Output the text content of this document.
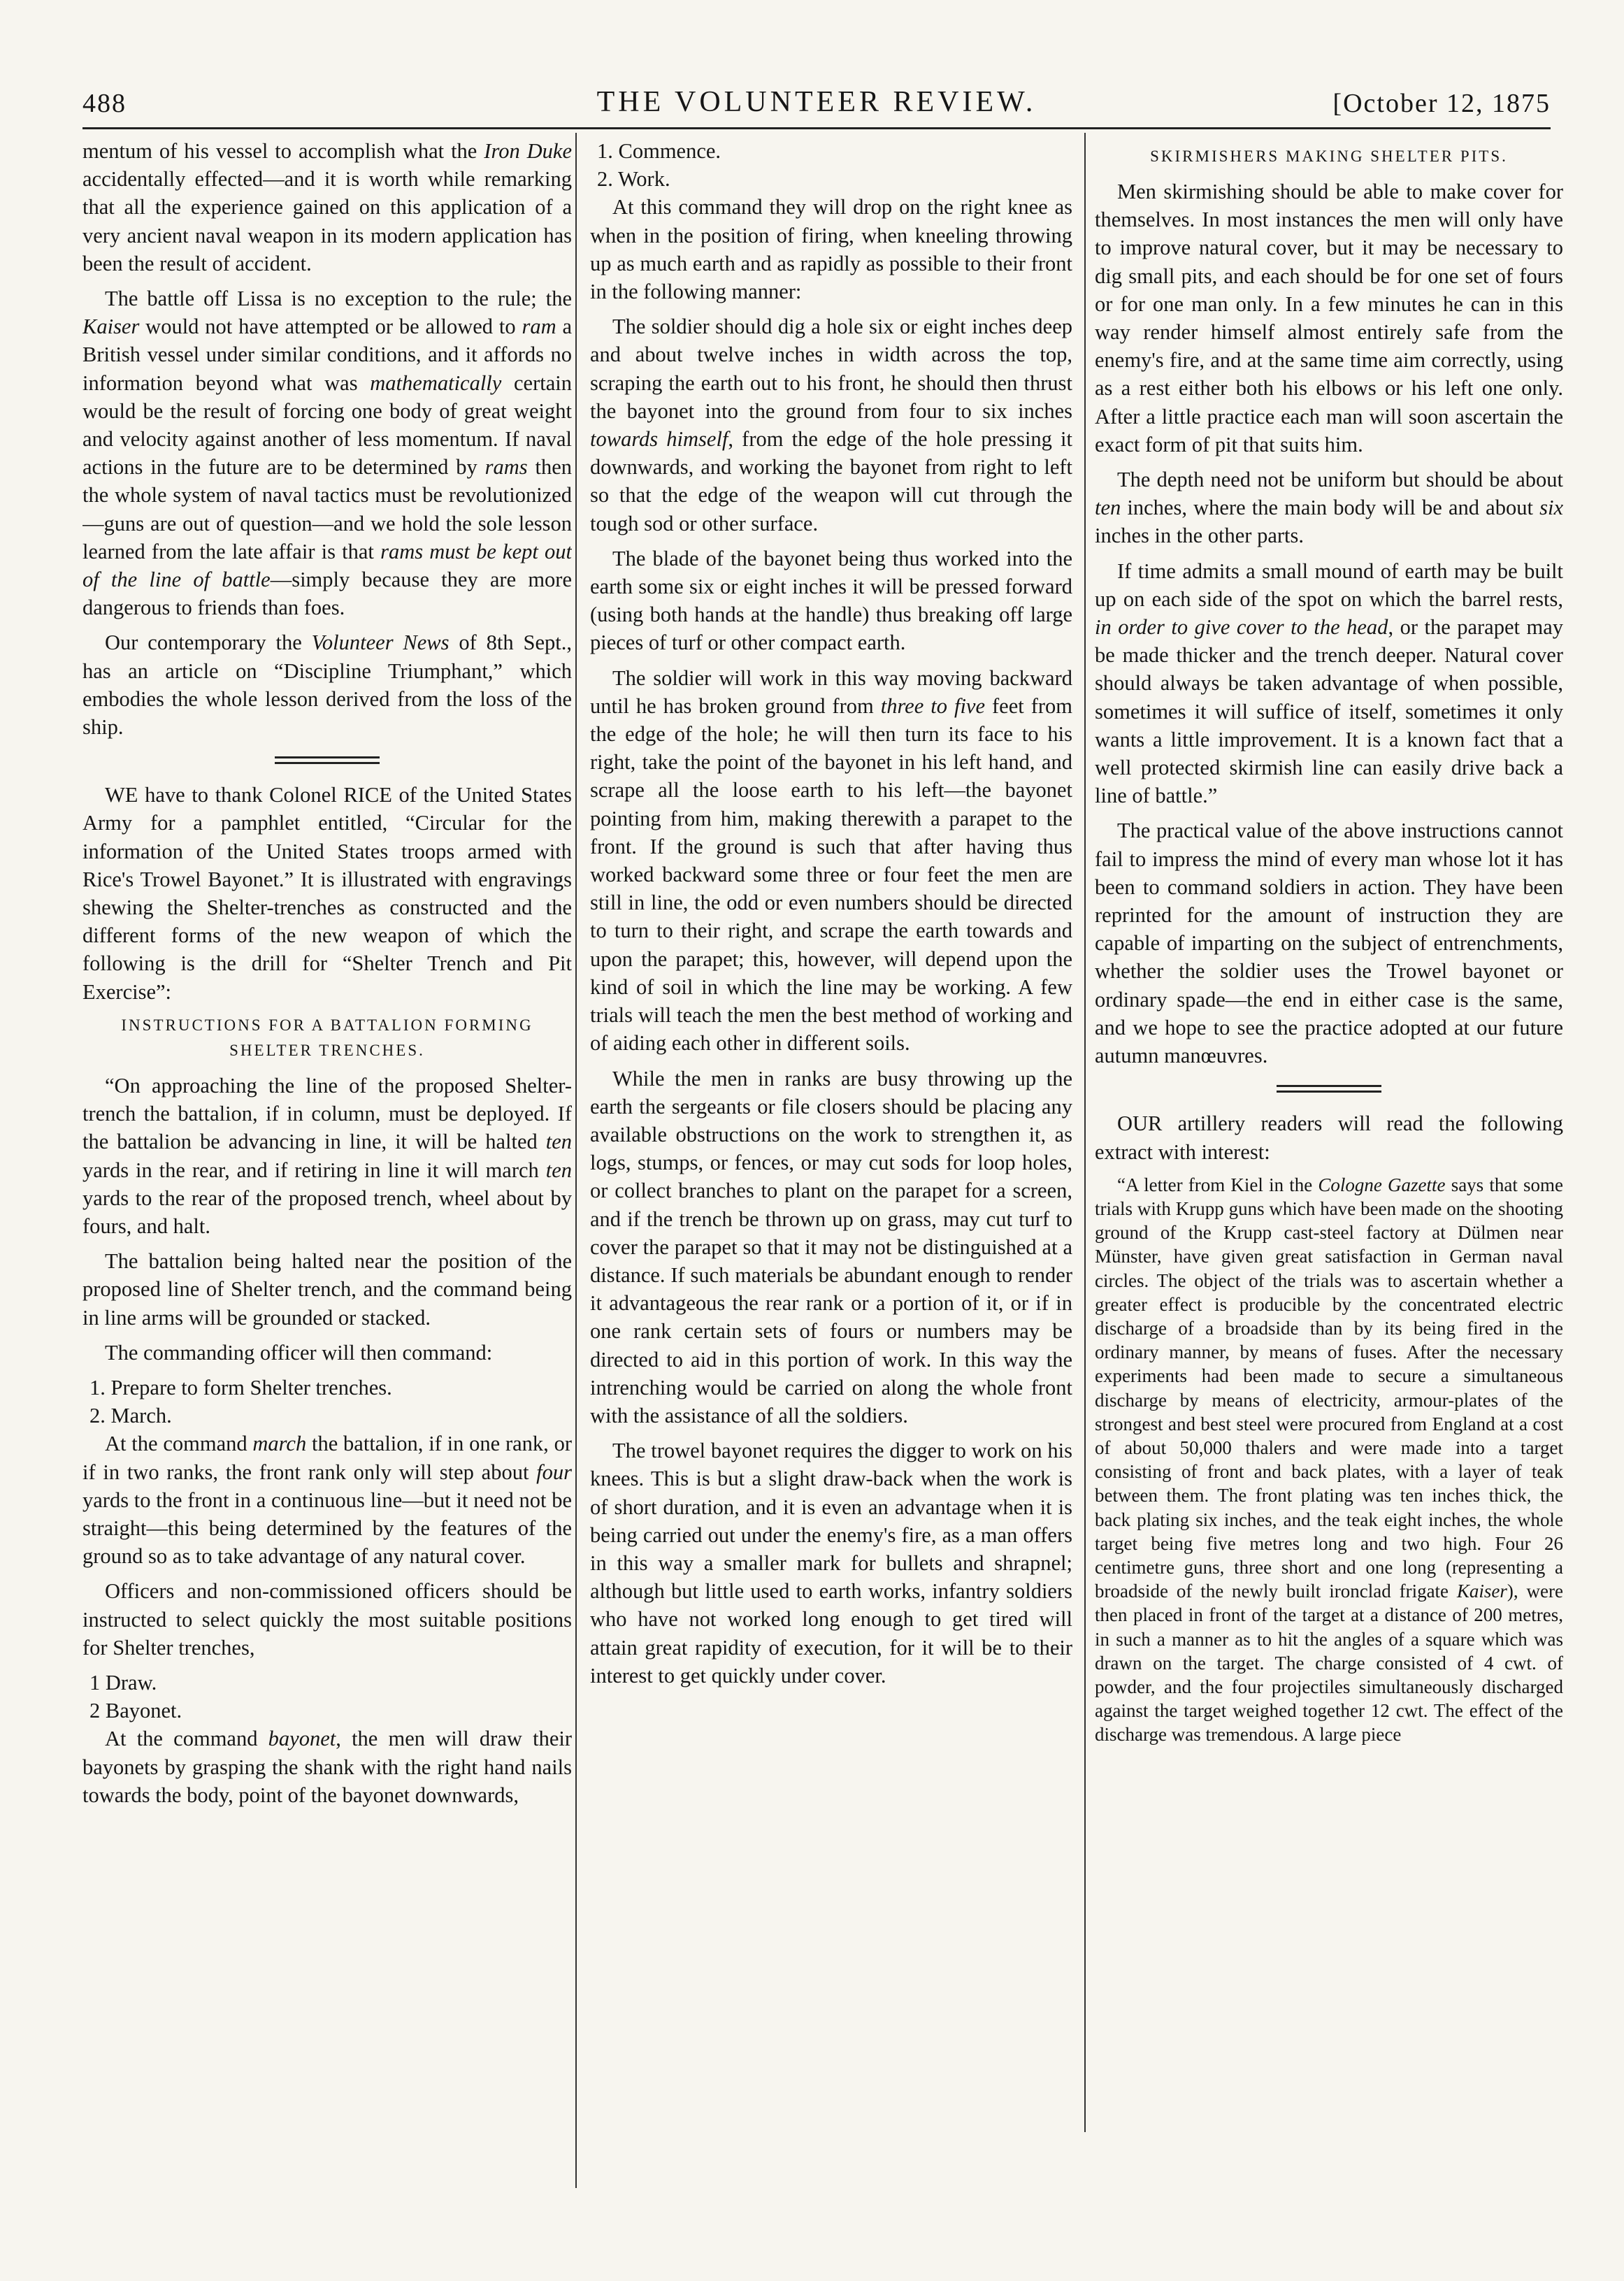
488	THE VOLUNTEER REVIEW.	[October 12, 1875

mentum of his vessel to accomplish what the Iron Duke accidentally effected—and it is worth while remarking that all the experience gained on this application of a very ancient naval weapon in its modern application has been the result of accident.

The battle off Lissa is no exception to the rule; the Kaiser would not have attempted or be allowed to ram a British vessel under similar conditions, and it affords no information beyond what was mathematically certain would be the result of forcing one body of great weight and velocity against another of less momentum. If naval actions in the future are to be determined by rams then the whole system of naval tactics must be revolutionized—guns are out of question—and we hold the sole lesson learned from the late affair is that rams must be kept out of the line of battle—simply because they are more dangerous to friends than foes.

Our contemporary the Volunteer News of 8th Sept., has an article on “Discipline Triumphant,” which embodies the whole lesson derived from the loss of the ship.

WE have to thank Colonel RICE of the United States Army for a pamphlet entitled, “Circular for the information of the United States troops armed with Rice's Trowel Bayonet.” It is illustrated with engravings shewing the Shelter-trenches as constructed and the different forms of the new weapon of which the following is the drill for “Shelter Trench and Pit Exercise”:

INSTRUCTIONS FOR A BATTALION FORMING SHELTER TRENCHES.

“On approaching the line of the proposed Shelter-trench the battalion, if in column, must be deployed. If the battalion be advancing in line, it will be halted ten yards in the rear, and if retiring in line it will march ten yards to the rear of the proposed trench, wheel about by fours, and halt.

The battalion being halted near the position of the proposed line of Shelter trench, and the command being in line arms will be grounded or stacked.

The commanding officer will then command:

1. Prepare to form Shelter trenches.

2. March.

At the command march the battalion, if in one rank, or if in two ranks, the front rank only will step about four yards to the front in a continuous line—but it need not be straight—this being determined by the features of the ground so as to take advantage of any natural cover.

Officers and non-commissioned officers should be instructed to select quickly the most suitable positions for Shelter trenches,

1 Draw.

2 Bayonet.

At the command bayonet, the men will draw their bayonets by grasping the shank with the right hand nails towards the body, point of the bayonet downwards,

1. Commence.

2. Work.

At this command they will drop on the right knee as when in the position of firing, when kneeling throwing up as much earth and as rapidly as possible to their front in the following manner:

The soldier should dig a hole six or eight inches deep and about twelve inches in width across the top, scraping the earth out to his front, he should then thrust the bayonet into the ground from four to six inches towards himself, from the edge of the hole pressing it downwards, and working the bayonet from right to left so that the edge of the weapon will cut through the tough sod or other surface.

The blade of the bayonet being thus worked into the earth some six or eight inches it will be pressed forward (using both hands at the handle) thus breaking off large pieces of turf or other compact earth.

The soldier will work in this way moving backward until he has broken ground from three to five feet from the edge of the hole; he will then turn its face to his right, take the point of the bayonet in his left hand, and scrape all the loose earth to his left—the bayonet pointing from him, making therewith a parapet to the front. If the ground is such that after having thus worked backward some three or four feet the men are still in line, the odd or even numbers should be directed to turn to their right, and scrape the earth towards and upon the parapet; this, however, will depend upon the kind of soil in which the line may be working. A few trials will teach the men the best method of working and of aiding each other in different soils.

While the men in ranks are busy throwing up the earth the sergeants or file closers should be placing any available obstructions on the work to strengthen it, as logs, stumps, or fences, or may cut sods for loop holes, or collect branches to plant on the parapet for a screen, and if the trench be thrown up on grass, may cut turf to cover the parapet so that it may not be distinguished at a distance. If such materials be abundant enough to render it advantageous the rear rank or a portion of it, or if in one rank certain sets of fours or numbers may be directed to aid in this portion of work. In this way the intrenching would be carried on along the whole front with the assistance of all the soldiers.

The trowel bayonet requires the digger to work on his knees. This is but a slight draw-back when the work is of short duration, and it is even an advantage when it is being carried out under the enemy's fire, as a man offers in this way a smaller mark for bullets and shrapnel; although but little used to earth works, infantry soldiers who have not worked long enough to get tired will attain great rapidity of execution, for it will be to their interest to get quickly under cover.

SKIRMISHERS MAKING SHELTER PITS.

Men skirmishing should be able to make cover for themselves. In most instances the men will only have to improve natural cover, but it may be necessary to dig small pits, and each should be for one set of fours or for one man only. In a few minutes he can in this way render himself almost entirely safe from the enemy's fire, and at the same time aim correctly, using as a rest either both his elbows or his left one only. After a little practice each man will soon ascertain the exact form of pit that suits him.

The depth need not be uniform but should be about ten inches, where the main body will be and about six inches in the other parts.

If time admits a small mound of earth may be built up on each side of the spot on which the barrel rests, in order to give cover to the head, or the parapet may be made thicker and the trench deeper. Natural cover should always be taken advantage of when possible, sometimes it will suffice of itself, sometimes it only wants a little improvement. It is a known fact that a well protected skirmish line can easily drive back a line of battle.”

The practical value of the above instructions cannot fail to impress the mind of every man whose lot it has been to command soldiers in action. They have been reprinted for the amount of instruction they are capable of imparting on the subject of entrenchments, whether the soldier uses the Trowel bayonet or ordinary spade—the end in either case is the same, and we hope to see the practice adopted at our future autumn manœuvres.

OUR artillery readers will read the following extract with interest:

“A letter from Kiel in the Cologne Gazette says that some trials with Krupp guns which have been made on the shooting ground of the Krupp cast-steel factory at Dülmen near Münster, have given great satisfaction in German naval circles. The object of the trials was to ascertain whether a greater effect is producible by the concentrated electric discharge of a broadside than by its being fired in the ordinary manner, by means of fuses. After the necessary experiments had been made to secure a simultaneous discharge by means of electricity, armour-plates of the strongest and best steel were procured from England at a cost of about 50,000 thalers and were made into a target consisting of front and back plates, with a layer of teak between them. The front plating was ten inches thick, the back plating six inches, and the teak eight inches, the whole target being five metres long and two high. Four 26 centimetre guns, three short and one long (representing a broadside of the newly built ironclad frigate Kaiser), were then placed in front of the target at a distance of 200 metres, in such a manner as to hit the angles of a square which was drawn on the target. The charge consisted of 4 cwt. of powder, and the four projectiles simultaneously discharged against the target weighed together 12 cwt. The effect of the discharge was tremendous. A large piece
